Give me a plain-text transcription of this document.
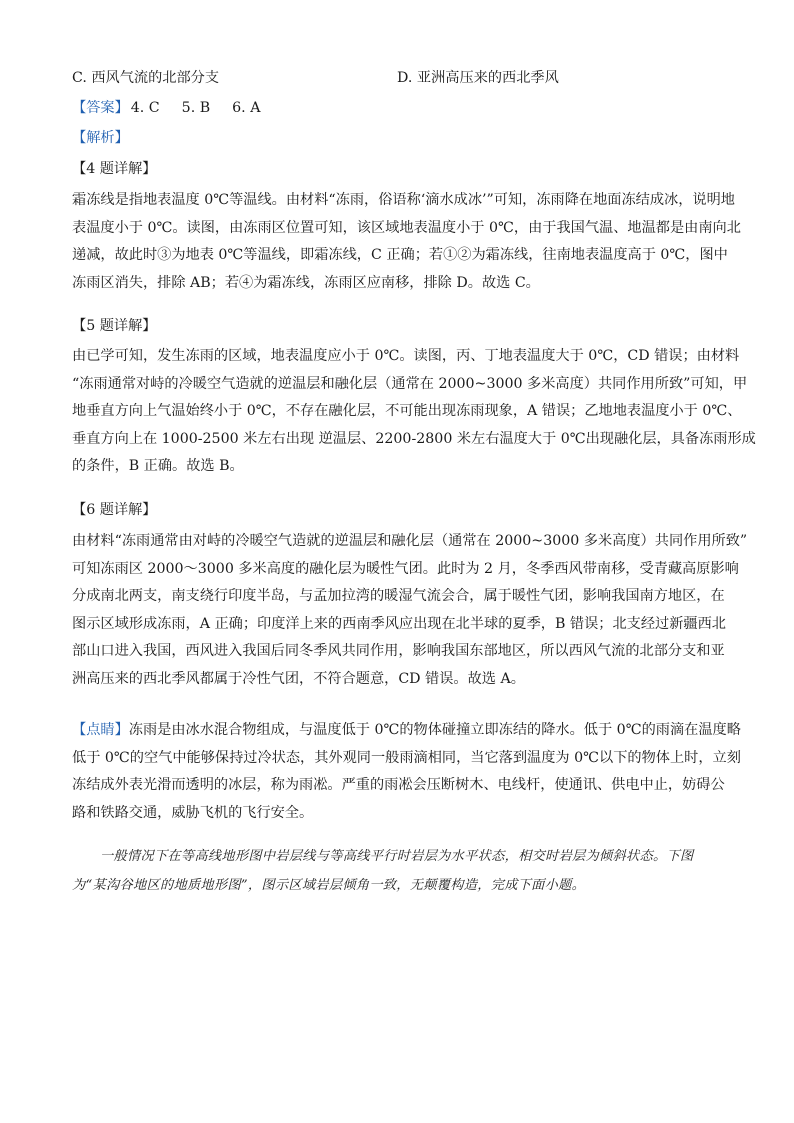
C. 西风气流的北部分支	D. 亚洲高压来的西北季风
【答案】 4. C 5. B 6. A
【解析】
【4 题详解】
霜冻线是指地表温度 0℃等温线。由材料“冻雨，俗语称‘滴水成冰’”可知，冻雨降在地面冻结成冰，说明地
表温度小于 0℃。读图，由冻雨区位置可知，该区域地表温度小于 0℃，由于我国气温、地温都是由南向北
递减，故此时③为地表 0℃等温线，即霜冻线，C 正确；若①②为霜冻线，往南地表温度高于 0℃，图中
冻雨区消失，排除 AB；若④为霜冻线，冻雨区应南移，排除 D。故选 C。
【5 题详解】
由已学可知，发生冻雨的区域，地表温度应小于 0℃。读图，丙、丁地表温度大于 0℃，CD 错误；由材料
“冻雨通常对峙的冷暖空气造就的逆温层和融化层（通常在 2000~3000 多米高度）共同作用所致”可知，甲
地垂直方向上气温始终小于 0℃，不存在融化层，不可能出现冻雨现象，A 错误；乙地地表温度小于 0℃、
垂直方向上在 1000-2500 米左右出现 逆温层、2200-2800 米左右温度大于 0℃出现融化层，具备冻雨形成
的条件，B 正确。故选 B。
【6 题详解】
由材料“冻雨通常由对峙的冷暖空气造就的逆温层和融化层（通常在 2000~3000 多米高度）共同作用所致”
可知冻雨区 2000～3000 多米高度的融化层为暖性气团。此时为 2 月，冬季西风带南移，受青藏高原影响
分成南北两支，南支绕行印度半岛，与孟加拉湾的暖湿气流会合，属于暖性气团，影响我国南方地区，在
图示区域形成冻雨，A 正确；印度洋上来的西南季风应出现在北半球的夏季，B 错误；北支经过新疆西北
部山口进入我国，西风进入我国后同冬季风共同作用，影响我国东部地区，所以西风气流的北部分支和亚
洲高压来的西北季风都属于冷性气团，不符合题意，CD 错误。故选 A。
【点睛】冻雨是由冰水混合物组成，与温度低于 0℃的物体碰撞立即冻结的降水。低于 0℃的雨滴在温度略
低于 0℃的空气中能够保持过冷状态，其外观同一般雨滴相同，当它落到温度为 0℃以下的物体上时，立刻
冻结成外表光滑而透明的冰层，称为雨凇。严重的雨凇会压断树木、电线杆，使通讯、供电中止，妨碍公
路和铁路交通，威胁飞机的飞行安全。
一般情况下在等高线地形图中岩层线与等高线平行时岩层为水平状态，相交时岩层为倾斜状态。下图
为“某沟谷地区的地质地形图”，图示区域岩层倾角一致，无颠覆构造，完成下面小题。
